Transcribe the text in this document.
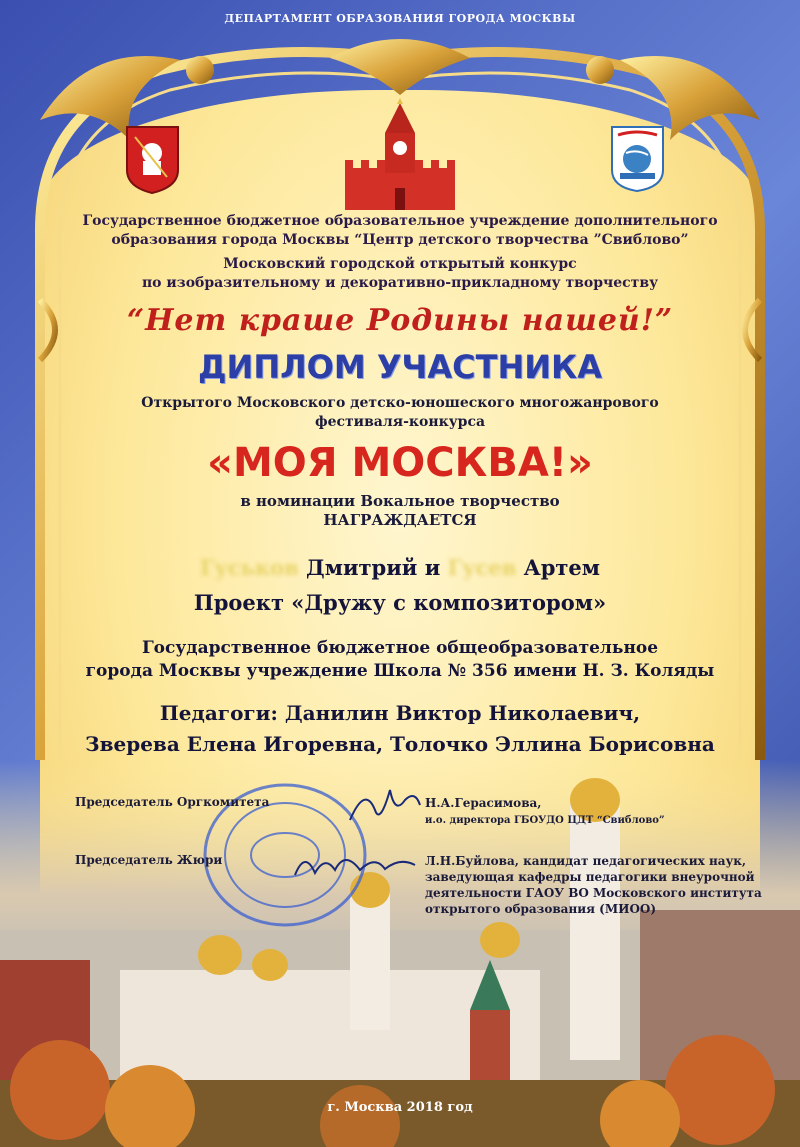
ДЕПАРТАМЕНТ ОБРАЗОВАНИЯ ГОРОДА МОСКВЫ
Государственное бюджетное образовательное учреждение дополнительного
образования города Москвы “Центр детского творчества ”Свиблово”
Московский городской открытый конкурс
по изобразительному и декоративно-прикладному творчеству
“Нет краше Родины нашей!”
ДИПЛОМ УЧАСТНИКА
Открытого Московского детско-юношеского многожанрового
фестиваля-конкурса
«МОЯ МОСКВА!»
в номинации Вокальное творчество
НАГРАЖДАЕТСЯ
Гуськов Дмитрий и Гусев Артем
Проект «Дружу с композитором»
Государственное бюджетное общеобразовательное
города Москвы учреждение Школа № 356 имени Н. З. Коляды
Педагоги: Данилин Виктор Николаевич,
Зверева Елена Игоревна, Толочко Эллина Борисовна
Председатель Оргкомитета	Н.А.Герасимова,
и.о. директора ГБОУДО ЦДТ “Свиблово”
Председатель Жюри	Л.Н.Буйлова, кандидат педагогических наук,
заведующая кафедры педагогики внеурочной
деятельности ГАОУ ВО Московского института
открытого образования (МИОО)
г. Москва 2018 год
